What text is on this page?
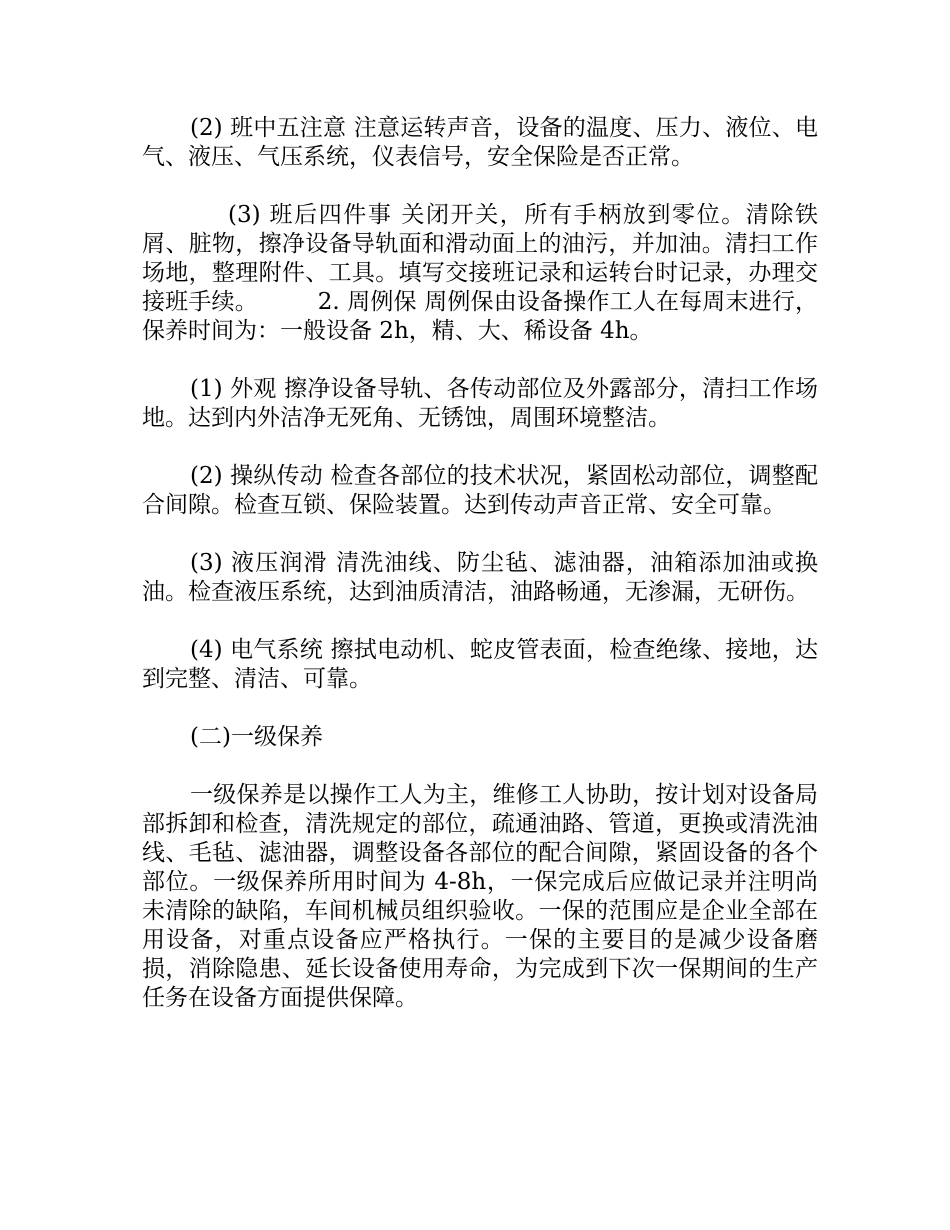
(2) 班中五注意 注意运转声音，设备的温度、压力、液位、电气、液压、气压系统，仪表信号，安全保险是否正常。

(3) 班后四件事 关闭开关，所有手柄放到零位。清除铁屑、脏物，擦净设备导轨面和滑动面上的油污，并加油。清扫工作场地，整理附件、工具。填写交接班记录和运转台时记录，办理交接班手续。        2. 周例保 周例保由设备操作工人在每周末进行，保养时间为：一般设备 2h，精、大、稀设备 4h。

(1) 外观 擦净设备导轨、各传动部位及外露部分，清扫工作场地。达到内外洁净无死角、无锈蚀，周围环境整洁。

(2) 操纵传动 检查各部位的技术状况，紧固松动部位，调整配合间隙。检查互锁、保险装置。达到传动声音正常、安全可靠。

(3) 液压润滑 清洗油线、防尘毡、滤油器，油箱添加油或换油。检查液压系统，达到油质清洁，油路畅通，无渗漏，无研伤。

(4) 电气系统 擦拭电动机、蛇皮管表面，检查绝缘、接地，达到完整、清洁、可靠。

(二)一级保养

一级保养是以操作工人为主，维修工人协助，按计划对设备局部拆卸和检查，清洗规定的部位，疏通油路、管道，更换或清洗油线、毛毡、滤油器，调整设备各部位的配合间隙，紧固设备的各个部位。一级保养所用时间为 4-8h，一保完成后应做记录并注明尚未清除的缺陷，车间机械员组织验收。一保的范围应是企业全部在用设备，对重点设备应严格执行。一保的主要目的是减少设备磨损，消除隐患、延长设备使用寿命，为完成到下次一保期间的生产任务在设备方面提供保障。
